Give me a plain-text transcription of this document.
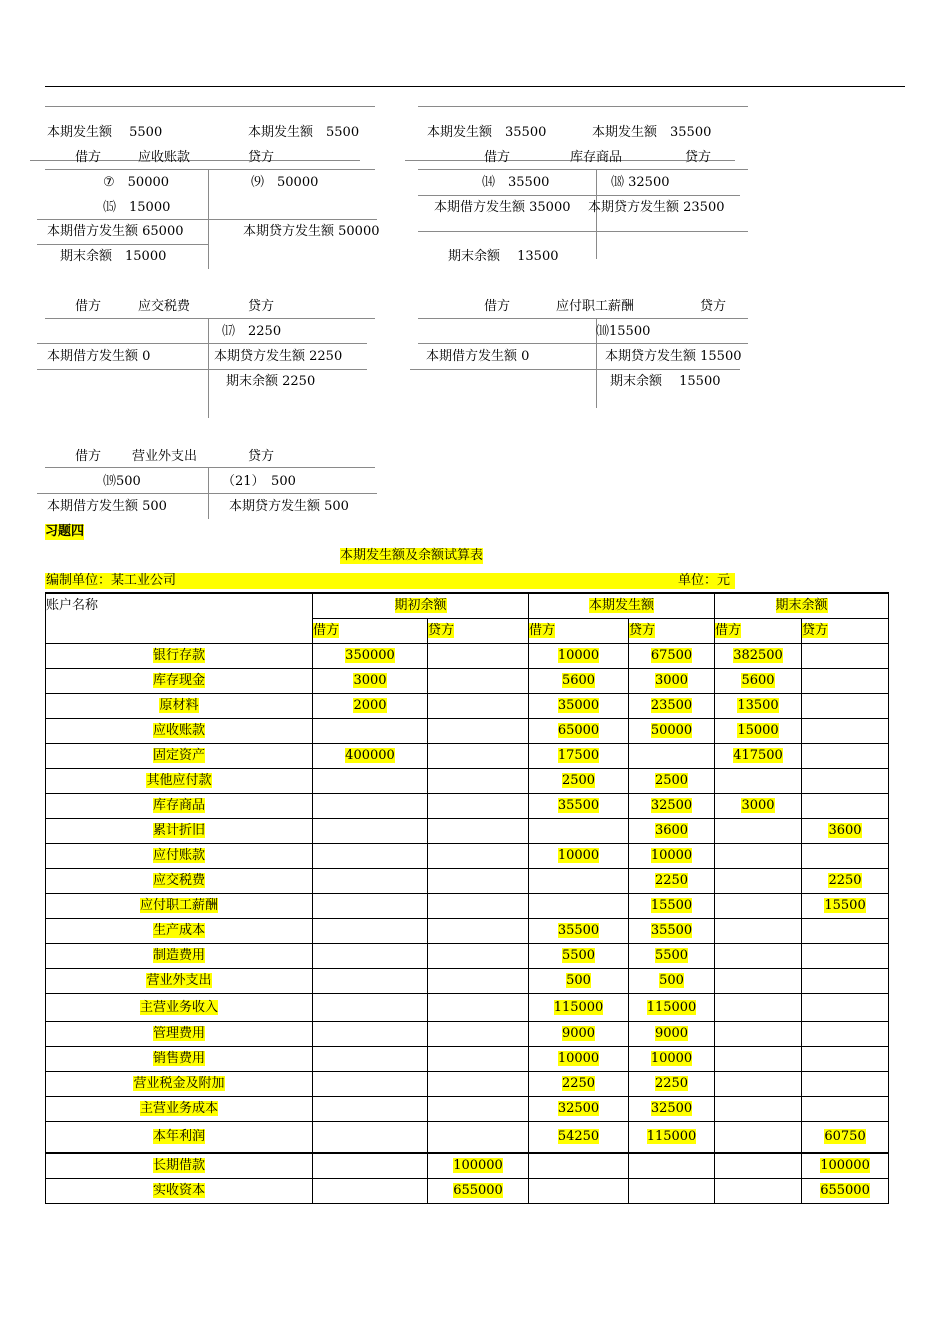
本期发生额　 5500	本期发生额　5500	本期发生额　35500	本期发生额　35500
借方	应收账款	贷方
⑦　50000
⒂　15000
⑼　50000
本期借方发生额 65000	本期贷方发生额 50000
期末余额　15000
借方	库存商品	贷方
⒁　35500	⒅ 32500
本期借方发生额 35000 本期贷方发生额 23500
期末余额　 13500
借方	应交税费	贷方
⒄　2250
本期借方发生额 0	本期贷方发生额 2250
期末余额 2250
借方	应付职工薪酬	贷方
⑽15500
本期借方发生额 0	本期贷方发生额 15500
期末余额　 15500
借方 营业外支出	贷方
⒆500	（21）　500
本期借方发生额 500	本期贷方发生额 500
习题四
本期发生额及余额试算表
编制单位：某工业公司	单位：元
账户名称	期初余额		本期发生额		期末余额	
	借方	贷方	借方	贷方	借方	贷方
银行存款	350000		10000	67500	382500	
库存现金	3000		5600	3000	5600	
原材料	2000		35000	23500	13500	
应收账款			65000	50000	15000	
固定资产	400000		17500		417500	
其他应付款			2500	2500		
库存商品			35500	32500	3000	
累计折旧				3600		3600
应付账款			10000	10000		
应交税费				2250		2250
应付职工薪酬				15500		15500
生产成本			35500	35500		
制造费用			5500	5500		
营业外支出			500	500		
主营业务收入			115000	115000		
管理费用			9000	9000		
销售费用			10000	10000		
营业税金及附加			2250	2250		
主营业务成本			32500	32500		
本年利润			54250	115000		60750
长期借款		100000				100000
实收资本		655000				655000
